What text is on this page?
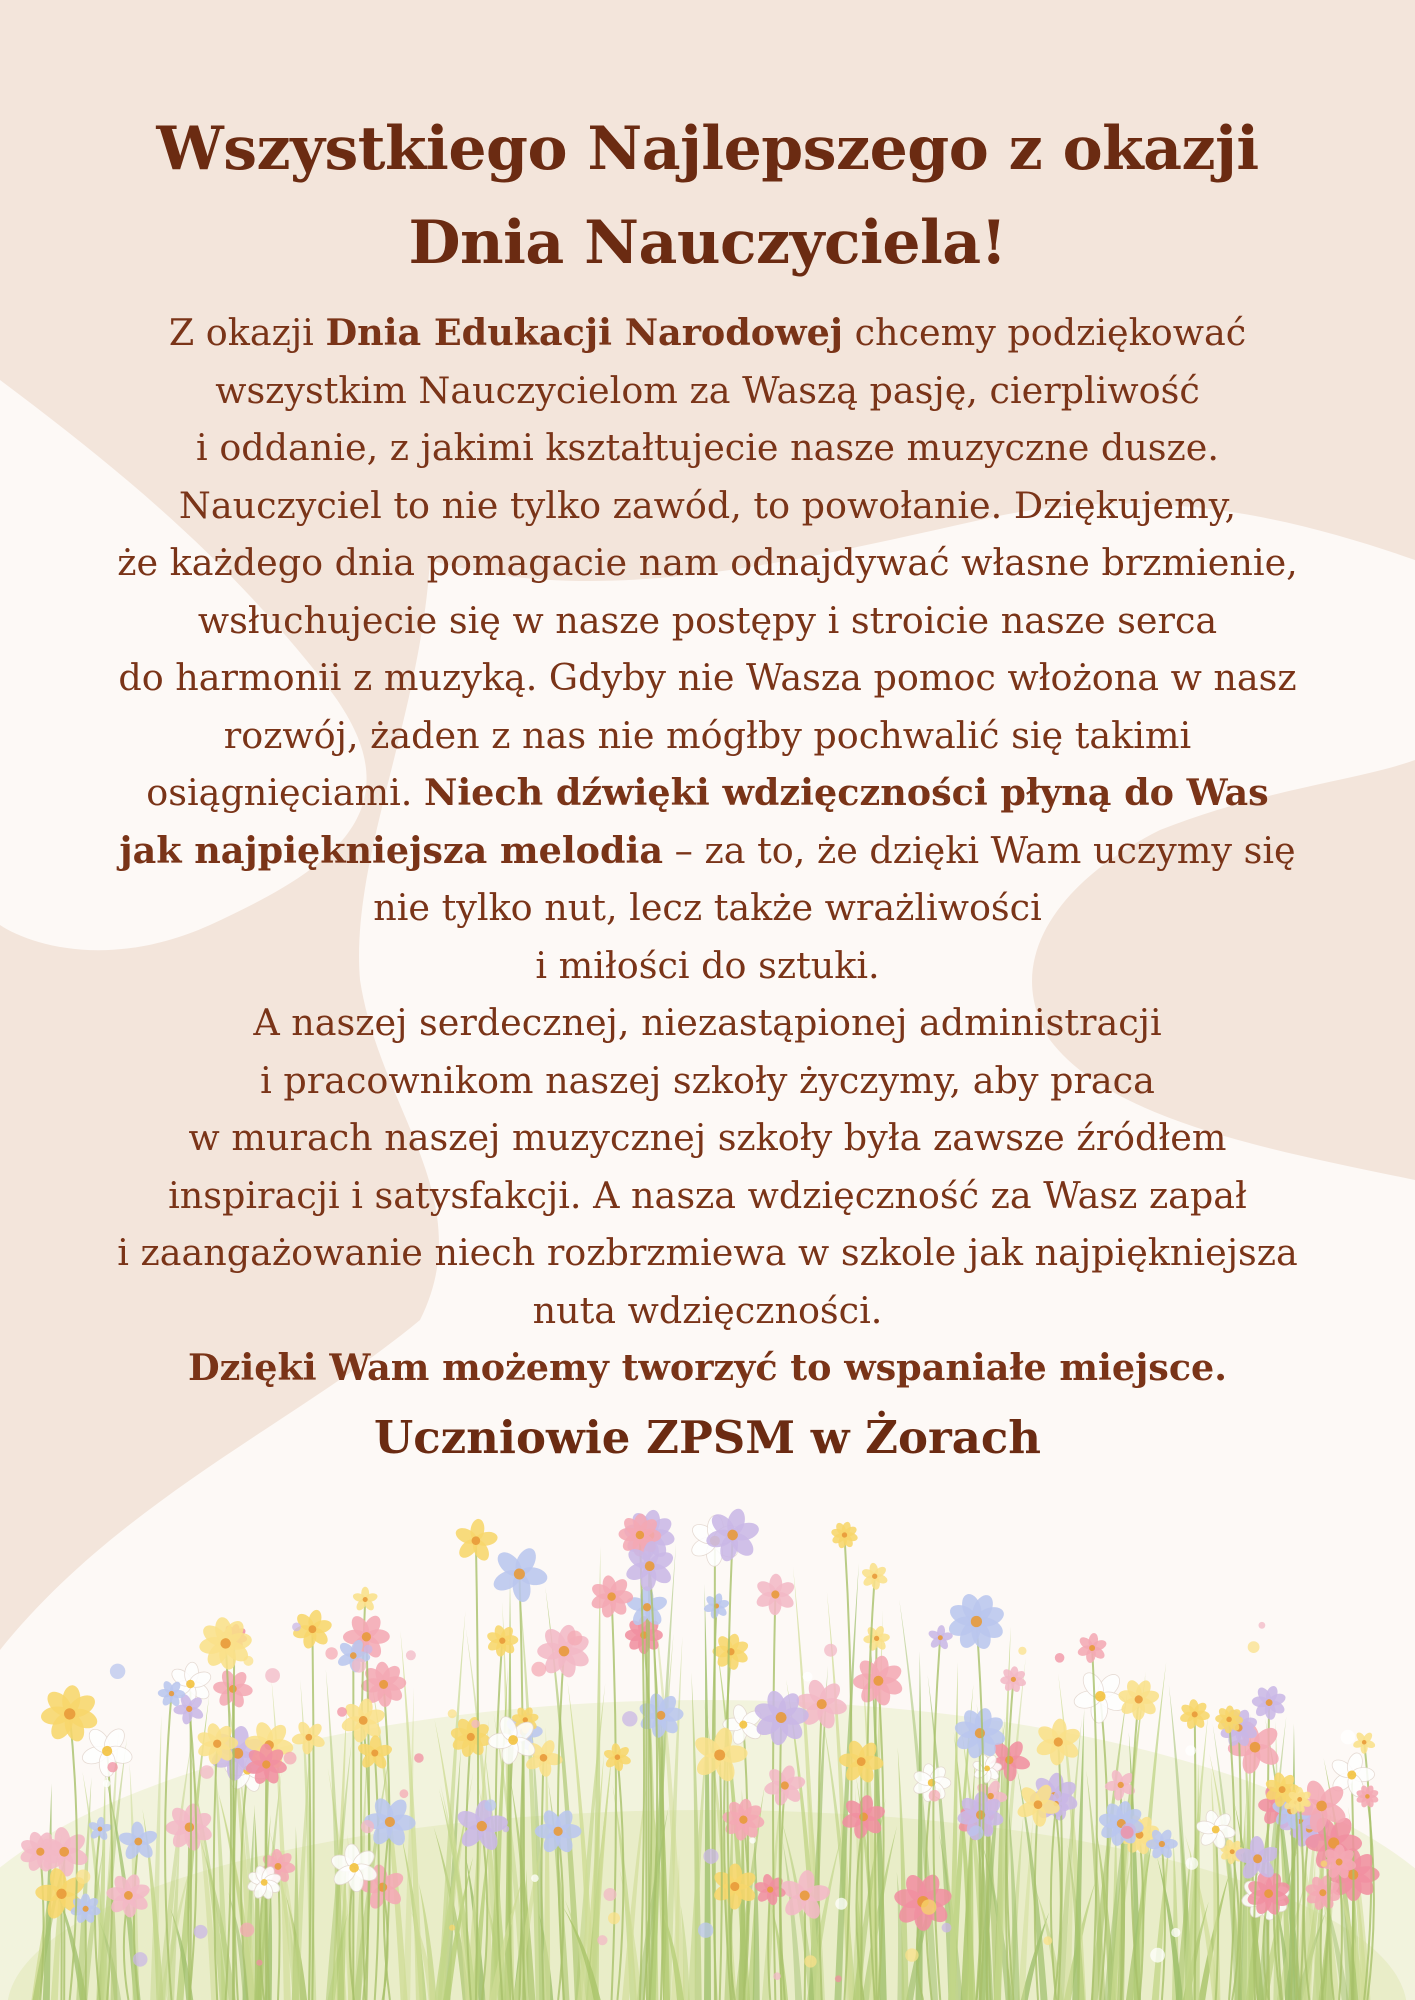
Wszystkiego Najlepszego z okazji
Dnia Nauczyciela!
Z okazji Dnia Edukacji Narodowej chcemy podziękować
wszystkim Nauczycielom za Waszą pasję, cierpliwość
i oddanie, z jakimi kształtujecie nasze muzyczne dusze.
Nauczyciel to nie tylko zawód, to powołanie. Dziękujemy,
że każdego dnia pomagacie nam odnajdywać własne brzmienie,
wsłuchujecie się w nasze postępy i stroicie nasze serca
do harmonii z muzyką. Gdyby nie Wasza pomoc włożona w nasz
rozwój, żaden z nas nie mógłby pochwalić się takimi
osiągnięciami. Niech dźwięki wdzięczności płyną do Was
jak najpiękniejsza melodia – za to, że dzięki Wam uczymy się
nie tylko nut, lecz także wrażliwości
i miłości do sztuki.
A naszej serdecznej, niezastąpionej administracji
i pracownikom naszej szkoły życzymy, aby praca
w murach naszej muzycznej szkoły była zawsze źródłem
inspiracji i satysfakcji. A nasza wdzięczność za Wasz zapał
i zaangażowanie niech rozbrzmiewa w szkole jak najpiękniejsza
nuta wdzięczności.
Dzięki Wam możemy tworzyć to wspaniałe miejsce.
Uczniowie ZPSM w Żorach
